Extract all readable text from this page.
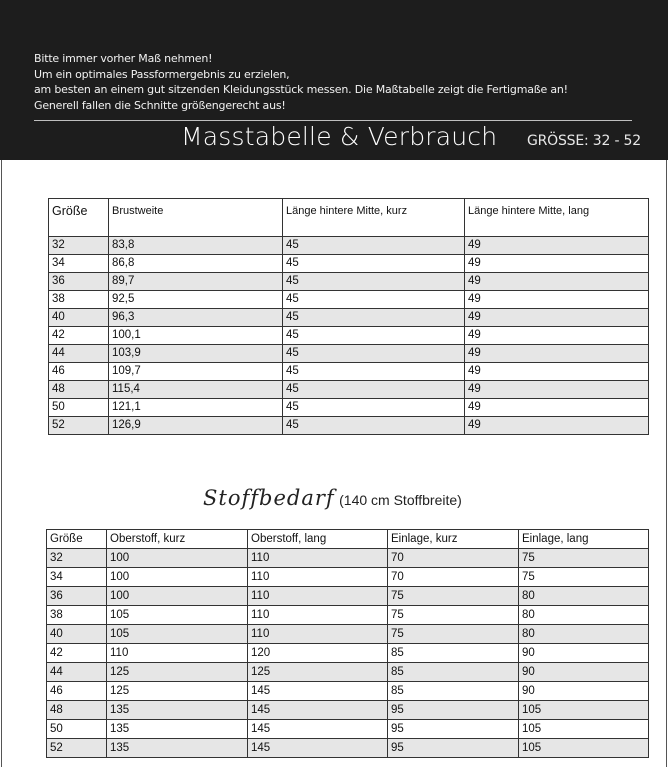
Bitte immer vorher Maß nehmen!
Um ein optimales Passformergebnis zu erzielen,
am besten an einem gut sitzenden Kleidungsstück messen. Die Maßtabelle zeigt die Fertigmaße an!
Generell fallen die Schnitte größengerecht aus!
Masstabelle & Verbrauch GRÖSSE: 32 - 52
Größe	Brustweite	Länge hintere Mitte, kurz	Länge hintere Mitte, lang
32	83,8	45	49
34	86,8	45	49
36	89,7	45	49
38	92,5	45	49
40	96,3	45	49
42	100,1	45	49
44	103,9	45	49
46	109,7	45	49
48	115,4	45	49
50	121,1	45	49
52	126,9	45	49
Stoffbedarf (140 cm Stoffbreite)
Größe	Oberstoff, kurz	Oberstoff, lang	Einlage, kurz	Einlage, lang
32	100	110	70	75
34	100	110	70	75
36	100	110	75	80
38	105	110	75	80
40	105	110	75	80
42	110	120	85	90
44	125	125	85	90
46	125	145	85	90
48	135	145	95	105
50	135	145	95	105
52	135	145	95	105
